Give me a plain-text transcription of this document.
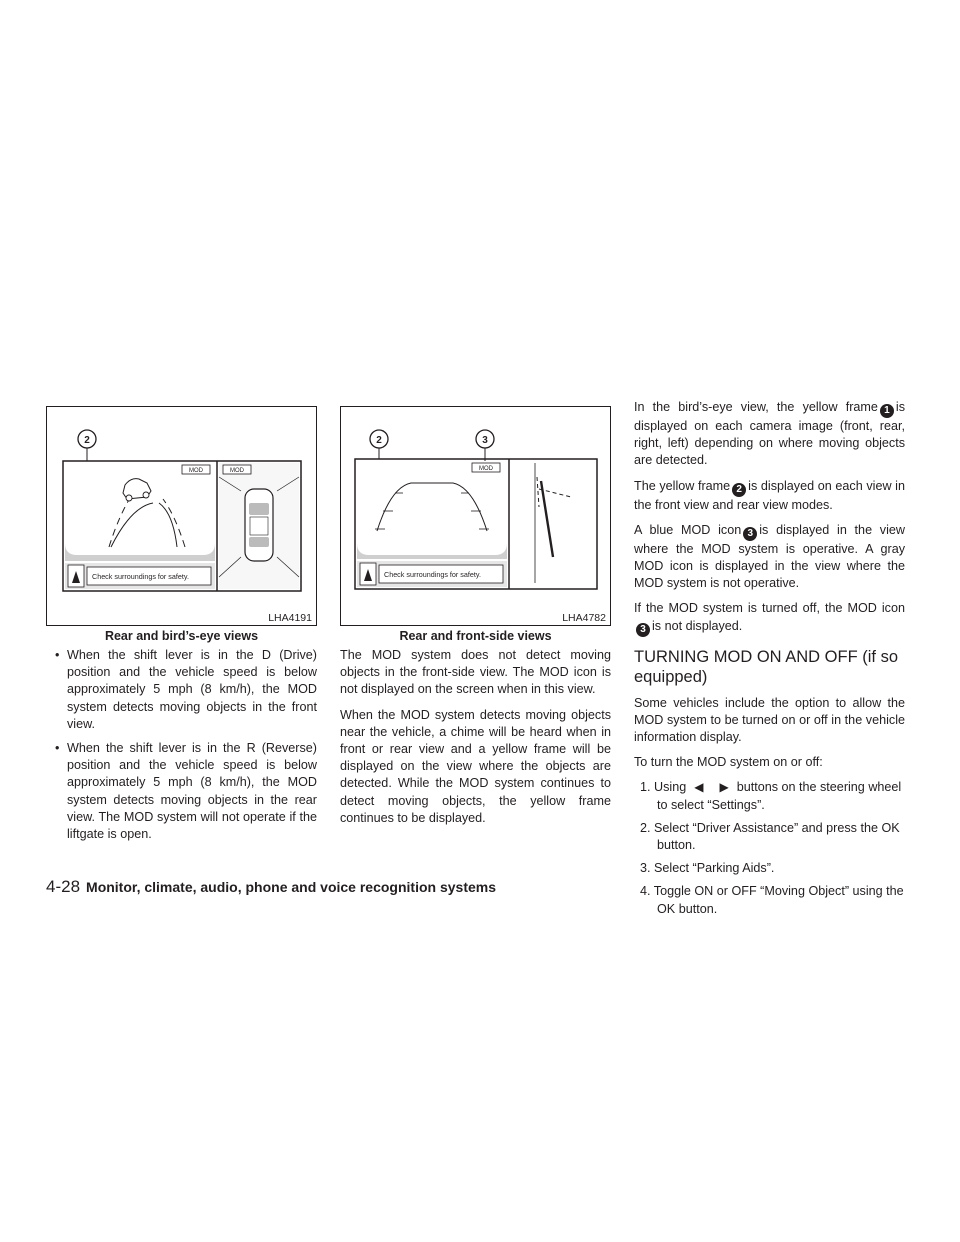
2
MOD
Check surroundings for safety.
MOD
LHA4191
Rear and bird’s-eye views

• When the shift lever is in the D (Drive) position and the vehicle speed is below approximately 5 mph (8 km/h), the MOD system detects moving objects in the front view.

• When the shift lever is in the R (Reverse) position and the vehicle speed is below approximately 5 mph (8 km/h), the MOD system detects moving objects in the rear view. The MOD system will not operate if the liftgate is open.

2	3
MOD
Check surroundings for safety.
LHA4782
Rear and front-side views

The MOD system does not detect moving objects in the front-side view. The MOD icon is not displayed on the screen when in this view.

When the MOD system detects moving objects near the vehicle, a chime will be heard when in front or rear view and a yellow frame will be displayed on the view where the objects are detected. While the MOD system continues to detect moving objects, the yellow frame continues to be displayed.

In the bird’s-eye view, the yellow frame 1 is displayed on each camera image (front, rear, right, left) depending on where moving objects are detected.

The yellow frame 2 is displayed on each view in the front view and rear view modes.

A blue MOD icon 3 is displayed in the view where the MOD system is operative. A gray MOD icon is displayed in the view where the MOD system is not operative.

If the MOD system is turned off, the MOD icon3 is not displayed.

TURNING MOD ON AND OFF (if so equipped)

Some vehicles include the option to allow the MOD system to be turned on or off in the vehicle information display.

To turn the MOD system on or off:

1. Using ◀ ▶ buttons on the steering wheel to select “Settings”.

2. Select “Driver Assistance” and press the OK button.

3. Select “Parking Aids”.

4. Toggle ON or OFF “Moving Object” using the OK button.

4-28 Monitor, climate, audio, phone and voice recognition systems
